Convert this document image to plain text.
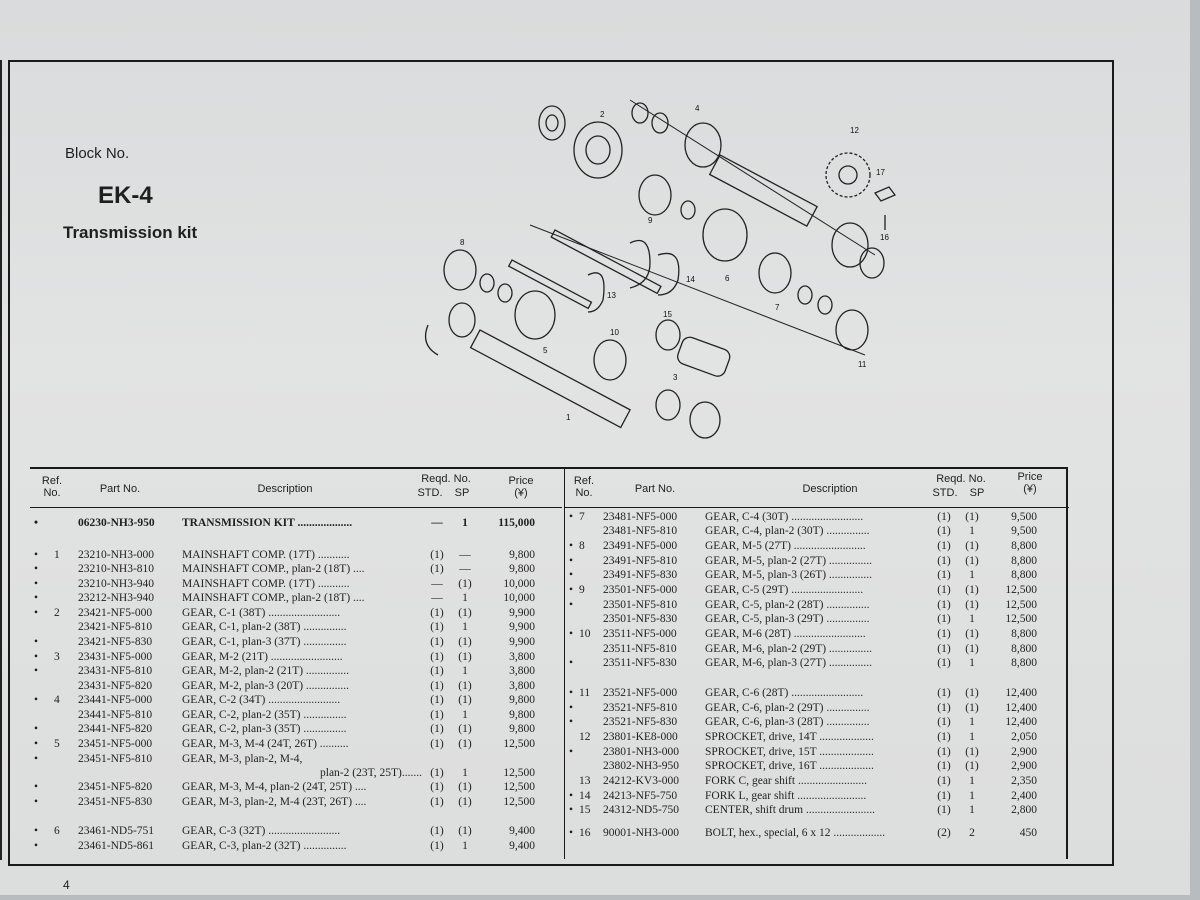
Block No.
EK-4
Transmission kit
1
2
3
4
5
6
7
8
9
10
11
12
13
14
15
16
17
Ref.
No.	Part No.	Description
Reqd. No.
STD.	SP
Price
(¥)
•	06230-NH3-950 TRANSMISSION KIT ...................	—	1	115,000
• 1 23210-NH3-000 MAINSHAFT COMP. (17T) ...........	(1)	—	9,800
•	23210-NH3-810 MAINSHAFT COMP., plan-2 (18T) ....	(1)	—	9,800
•	23210-NH3-940 MAINSHAFT COMP. (17T) ...........	—	(1)	10,000
•	23212-NH3-940 MAINSHAFT COMP., plan-2 (18T) ....	—	1	10,000
• 2 23421-NF5-000	GEAR, C-1 (38T) .........................	(1)	(1)	9,900
23421-NF5-810	GEAR, C-1, plan-2 (38T) ...............	(1)	1	9,900
•	23421-NF5-830	GEAR, C-1, plan-3 (37T) ...............	(1)	(1)	9,900
• 3 23431-NF5-000	GEAR, M-2 (21T) .........................	(1)	(1)	3,800
•	23431-NF5-810	GEAR, M-2, plan-2 (21T) ...............	(1)	1	3,800
23431-NF5-820	GEAR, M-2, plan-3 (20T) ...............	(1)	(1)	3,800
• 4 23441-NF5-000	GEAR, C-2 (34T) .........................	(1)	(1)	9,800
23441-NF5-810	GEAR, C-2, plan-2 (35T) ...............	(1)	1	9,800
•	23441-NF5-820	GEAR, C-2, plan-3 (35T) ...............	(1)	(1)	9,800
• 5 23451-NF5-000	GEAR, M-3, M-4 (24T, 26T) ..........	(1)	(1)	12,500
•	23451-NF5-810	GEAR, M-3, plan-2, M-4,
plan-2 (23T, 25T)....... (1)	1	12,500
•	23451-NF5-820	GEAR, M-3, M-4, plan-2 (24T, 25T) ....	(1)	(1)	12,500
•	23451-NF5-830	GEAR, M-3, plan-2, M-4 (23T, 26T) ....	(1)	(1)	12,500
• 6 23461-ND5-751 GEAR, C-3 (32T) .........................	(1)	(1)	9,400
•	23461-ND5-861 GEAR, C-3, plan-2 (32T) ...............	(1)	1	9,400
Ref.
No.	Part No.	Description
Reqd. No.
STD.	SP
Price
(¥)
• 7 23481-NF5-000 GEAR, C-4 (30T) .........................	(1)	(1)	9,500
23481-NF5-810 GEAR, C-4, plan-2 (30T) ...............	(1)	1	9,500
• 8 23491-NF5-000 GEAR, M-5 (27T) .........................	(1)	(1)	8,800
•	23491-NF5-810 GEAR, M-5, plan-2 (27T) ...............	(1)	(1)	8,800
•	23491-NF5-830 GEAR, M-5, plan-3 (26T) ...............	(1)	1	8,800
• 9 23501-NF5-000 GEAR, C-5 (29T) .........................	(1)	(1)	12,500
•	23501-NF5-810 GEAR, C-5, plan-2 (28T) ...............	(1)	(1)	12,500
23501-NF5-830 GEAR, C-5, plan-3 (29T) ...............	(1)	1	12,500
• 10 23511-NF5-000 GEAR, M-6 (28T) .........................	(1)	(1)	8,800
23511-NF5-810 GEAR, M-6, plan-2 (29T) ...............	(1)	(1)	8,800
•	23511-NF5-830 GEAR, M-6, plan-3 (27T) ...............	(1)	1	8,800
• 11 23521-NF5-000 GEAR, C-6 (28T) .........................	(1)	(1)	12,400
•	23521-NF5-810 GEAR, C-6, plan-2 (29T) ...............	(1)	(1)	12,400
•	23521-NF5-830 GEAR, C-6, plan-3 (28T) ...............	(1)	1	12,400
12 23801-KE8-000 SPROCKET, drive, 14T ...................	(1)	1	2,050
•	23801-NH3-000 SPROCKET, drive, 15T ...................	(1)	(1)	2,900
23802-NH3-950 SPROCKET, drive, 16T ...................	(1)	(1)	2,900
13 24212-KV3-000 FORK C, gear shift ........................	(1)	1	2,350
• 14 24213-NF5-750 FORK L, gear shift ........................	(1)	1	2,400
• 15 24312-ND5-750 CENTER, shift drum ........................	(1)	1	2,800
• 16 90001-NH3-000 BOLT, hex., special, 6 x 12 ..................	(2)	2	450
4
